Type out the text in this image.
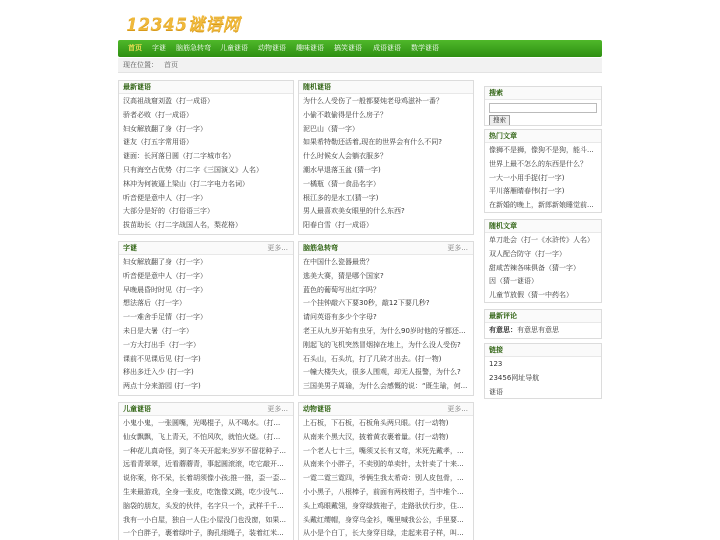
12345谜语网
首页 字谜 脑筋急转弯 儿童谜语 动物谜语 趣味谜语 搞笑谜语 成语谜语 数学谜语
现在位置： 首页
最新谜语
汉高祖战窟刘盈（打一成语）
骄者必败（打一成语）
妇女解放翻了身（打一字）
谜友（打五字常用语）
谜面：长河落日圆（打二字城市名）
只有海空占优势（打二字《三国演义》人名）
林冲为何被逼上梁山（打二字电力名词）
听音便是意中人（打一字）
大部分是好的（打俗语三字）
拔苗助长（打二字战国人名，梨花格）
随机谜语
为什么人受伤了一般都要炖老母鸡滋补一番？
小偷不敢偷得是什么房子？
泥巴山（猜一字）
如果希特勒还活着,现在的世界会有什么不同?
什么时候女人会躺衣服多？
潮水早退落玉盆 (猜一字)
一橘瓶（猜一食品名字）
根江多的是水工(猜一字)
男人最喜欢美女眼里的什么东西?
阳春白雪（打一成语）
字谜	更多...
妇女解放翻了身（打一字）
听音便是意中人（打一字）
早晚晨昏时时见（打一字）
想法落后（打一字）
一一难舍手足情（打一字）
未日是大暑（打一字）
一方大打出手（打一字）
课前不见课后见 (打一字)
移出多迁入少 (打一字)
两点十分来游园 (打一字)
脑筋急转弯	更多...
在中国什么瓷器最贵？
逃美大赛，猜是哪个国家?
蓝色的葡萄写出红字吗？
一个挂钟敲六下要30秒，敲12下要几秒?
请问英语有多少个字母?
老王从九岁开始有虫牙，为什么90岁时他的牙都还...
刚起飞的飞机突然冒烟掉在地上，为什么没人受伤?
石头山，石头坑，打了几砖才出去。(打一物)
一幢大楼失火，很多人围观，却无人报警，为什么?
三国美男子周瑜，为什么会感慨的说：“既生瑜，何...
儿童谜语	更多...
小鬼小鬼，一张圆嘴，光喝棍子，从不喝水。（打...
仙女飘飘，飞上青天，不怕风吹，就怕火烧。（打...
一种花儿真奇怪，到了冬天开起来;岁岁不留花种子...
远看青翠翠，近看蘑蘑青，事起圆滚滚，吃它敲开...
说你案，你不呆，长着胡须像小孩;推一推，歪一歪...
生来最游戏，全身一张皮，吃饱像又跳，吃少没气...
脑袋的朋友，头发的伙伴，名字只一个，武样千千...
我有一小白屋，独自一人住;小屋没门也没窗，如果...
一个白胖子，裹着绿叶子，胸孔细绳子，装着红米...
动物谜语	更多...
上石板，下石板，石板角头两只眼。(打一动物)
从南来个黑大汉，披着黄衣裹着量。(打一动物)
一个老人七十三，嘴须又长有又弯，米死先戴孝，...
从南来个小胖子，不卖别的单卖针，太针卖了十来...
一霓二霓三霓四，爷俩生我太希奇：别人皮包骨，...
小小黑子，八根棒子，前面有两枝钳子，当中堆个...
头上鸡眼戴翎，身穿绿鼓袍子，走路驮伏行步，住...
头戴红缨帽，身穿乌金衫，嘴里喊我公公，手里要...
从小是个白丁，长大身穿目绿，走起来君子样，叫...
搜索
搜索
热门文章
像狮不是狮，像狗不是狗，能斗...
世界上最不怎么的东西是什么？
一大一小用手捉(打一字)
平川落雁睛春伟(打一字)
在新婚的晚上，新郎新娘睡觉前...
随机文章
单刀赴会（打一《水浒传》人名）
双人配合防守（打一字）
甜咸苦辣各味俱备（猜一字）
因（猜一谜语）
儿童节放假（猜一中药名）
最新评论
有意思：有意思有意思
链接
123
23456网址导航
谜语
